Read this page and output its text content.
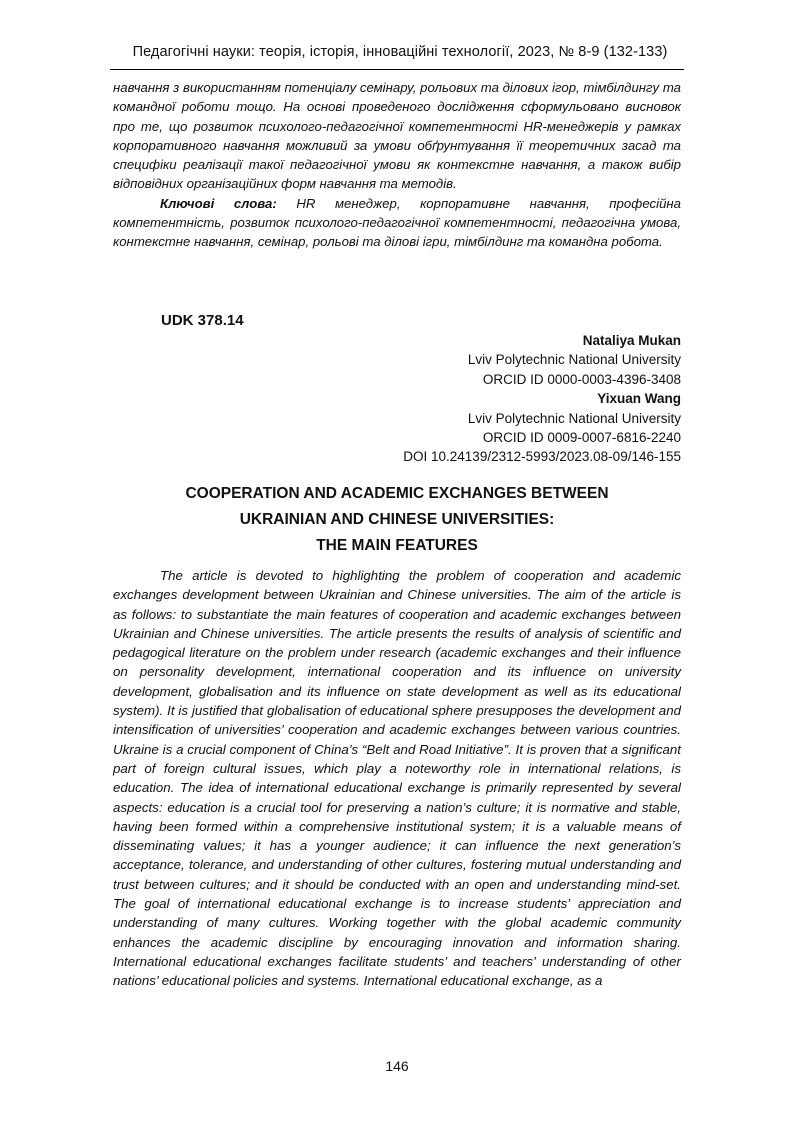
Педагогічні науки: теорія, історія, інноваційні технології, 2023, № 8-9 (132-133)

навчання з використанням потенціалу семінару, рольових та ділових ігор, тімбілдингу та командної роботи тощо. На основі проведеного дослідження сформульовано висновок про те, що розвиток психолого-педагогічної компетентності HR-менеджерів у рамках корпоративного навчання можливий за умови обґрунтування її теоретичних засад та специфіки реалізації такої педагогічної умови як контекстне навчання, а також вибір відповідних організаційних форм навчання та методів.

Ключові слова: HR менеджер, корпоративне навчання, професійна компетентність, розвиток психолого-педагогічної компетентності, педагогічна умова, контекстне навчання, семінар, рольові та ділові ігри, тімбілдинг та командна робота.

UDK 378.14
Nataliya Mukan
Lviv Polytechnic National University
ORCID ID 0000-0003-4396-3408
Yixuan Wang
Lviv Polytechnic National University
ORCID ID 0009-0007-6816-2240
DOI 10.24139/2312-5993/2023.08-09/146-155
COOPERATION AND ACADEMIC EXCHANGES BETWEEN
UKRAINIAN AND CHINESE UNIVERSITIES:
THE MAIN FEATURES

The article is devoted to highlighting the problem of cooperation and academic exchanges development between Ukrainian and Chinese universities. The aim of the article is as follows: to substantiate the main features of cooperation and academic exchanges between Ukrainian and Chinese universities. The article presents the results of analysis of scientific and pedagogical literature on the problem under research (academic exchanges and their influence on personality development, international cooperation and its influence on university development, globalisation and its influence on state development as well as its educational system). It is justified that globalisation of educational sphere presupposes the development and intensification of universities’ cooperation and academic exchanges between various countries. Ukraine is a crucial component of China’s “Belt and Road Initiative”. It is proven that a significant part of foreign cultural issues, which play a noteworthy role in international relations, is education. The idea of international educational exchange is primarily represented by several aspects: education is a crucial tool for preserving a nation’s culture; it is normative and stable, having been formed within a comprehensive institutional system; it is a valuable means of disseminating values; it has a younger audience; it can influence the next generation’s acceptance, tolerance, and understanding of other cultures, fostering mutual understanding and trust between cultures; and it should be conducted with an open and understanding mind-set. The goal of international educational exchange is to increase students’ appreciation and understanding of many cultures. Working together with the global academic community enhances the academic discipline by encouraging innovation and information sharing. International educational exchanges facilitate students’ and teachers’ understanding of other nations’ educational policies and systems. International educational exchange, as a

146
